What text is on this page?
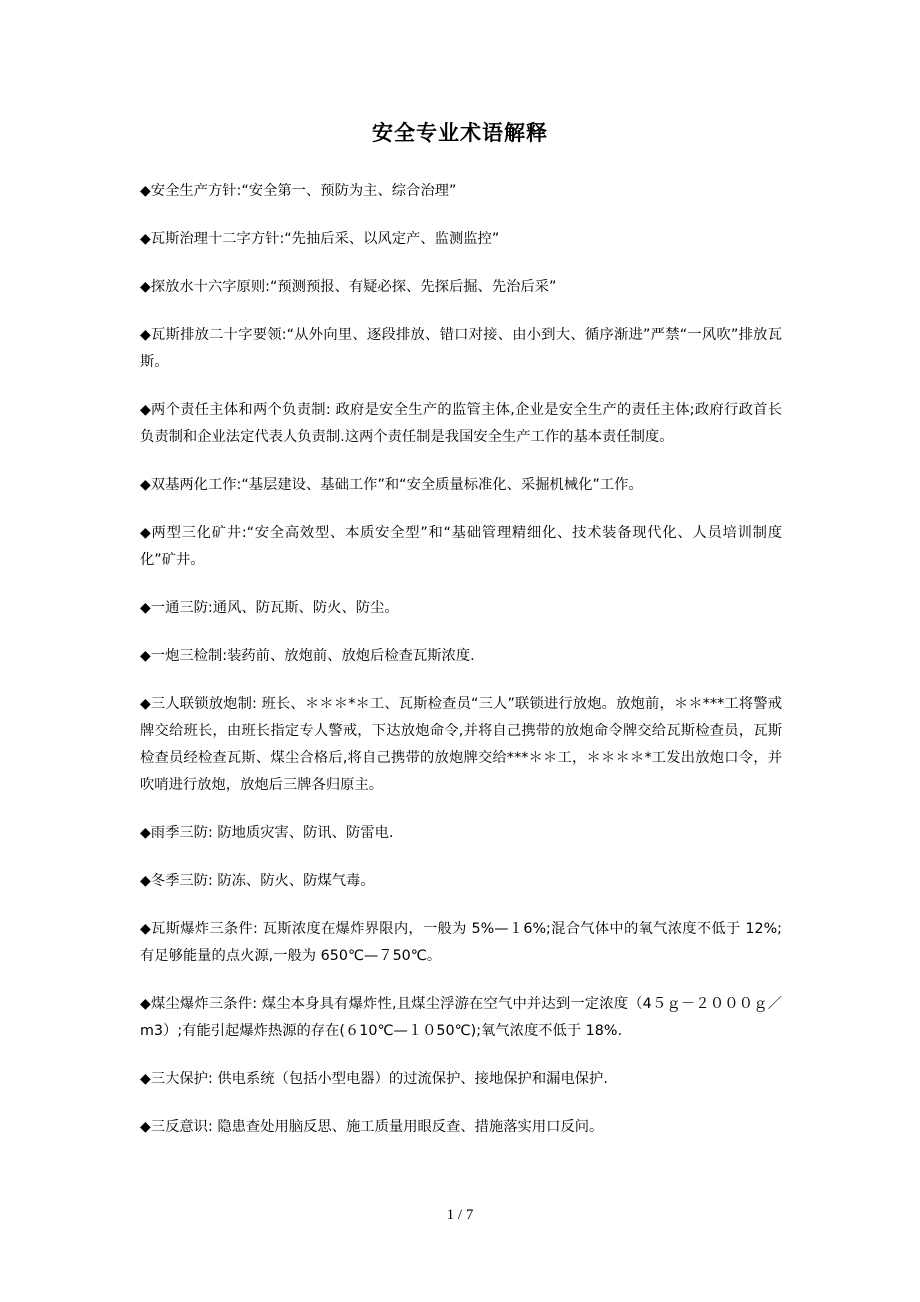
安全专业术语解释

◆安全生产方针:“安全第一、预防为主、综合治理”

◆瓦斯治理十二字方针:“先抽后采、以风定产、监测监控”

◆探放水十六字原则:“预测预报、有疑必探、先探后掘、先治后采”

◆瓦斯排放二十字要领:“从外向里、逐段排放、错口对接、由小到大、循序渐进”严禁“一风吹”排放瓦斯。

◆两个责任主体和两个负责制: 政府是安全生产的监管主体,企业是安全生产的责任主体;政府行政首长负责制和企业法定代表人负责制.这两个责任制是我国安全生产工作的基本责任制度。

◆双基两化工作:“基层建设、基础工作”和“安全质量标准化、采掘机械化”工作。

◆两型三化矿井:“安全高效型、本质安全型”和“基础管理精细化、技术装备现代化、人员培训制度化”矿井。

◆一通三防:通风、防瓦斯、防火、防尘。

◆一炮三检制:装药前、放炮前、放炮后检查瓦斯浓度.

◆三人联锁放炮制: 班长、＊＊＊*＊工、瓦斯检查员“三人”联锁进行放炮。放炮前，＊＊***工将警戒牌交给班长，由班长指定专人警戒，下达放炮命令,并将自己携带的放炮命令牌交给瓦斯检查员，瓦斯检查员经检查瓦斯、煤尘合格后,将自己携带的放炮牌交给***＊＊工，＊＊＊＊*工发出放炮口令，并吹哨进行放炮，放炮后三牌各归原主。

◆雨季三防: 防地质灾害、防讯、防雷电.

◆冬季三防: 防冻、防火、防煤气毒。

◆瓦斯爆炸三条件: 瓦斯浓度在爆炸界限内，一般为 5%—１6%;混合气体中的氧气浓度不低于 12%;有足够能量的点火源,一般为 650℃—７50℃。

◆煤尘爆炸三条件: 煤尘本身具有爆炸性,且煤尘浮游在空气中并达到一定浓度（4５ｇ－２０００ｇ／m3）;有能引起爆炸热源的存在(６10℃—１０50℃);氧气浓度不低于 18%.

◆三大保护: 供电系统（包括小型电器）的过流保护、接地保护和漏电保护.

◆三反意识: 隐患查处用脑反思、施工质量用眼反查、措施落实用口反问。

1 / 7
